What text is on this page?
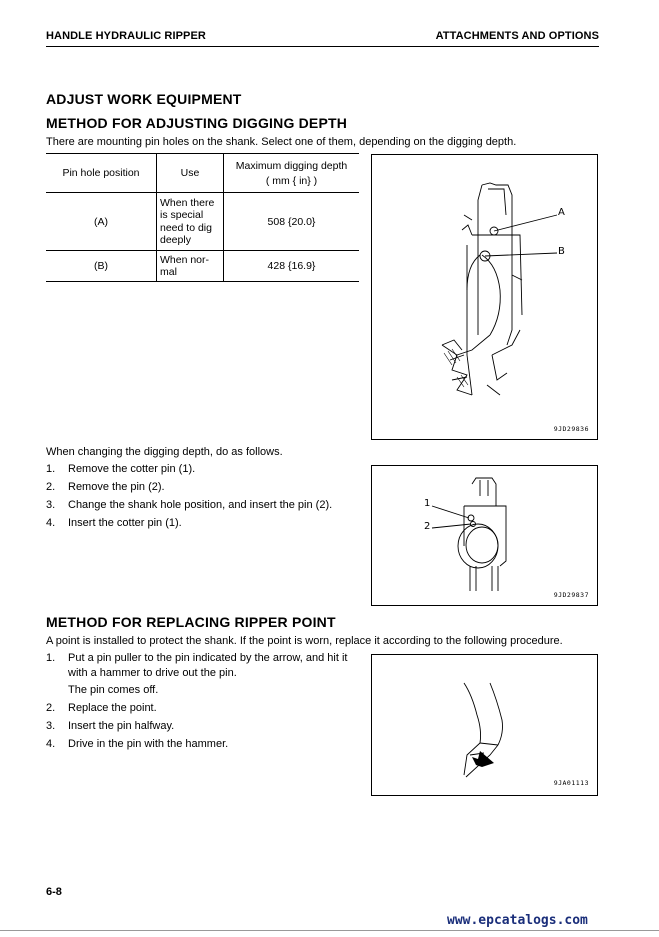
HANDLE HYDRAULIC RIPPER	ATTACHMENTS AND OPTIONS
ADJUST WORK EQUIPMENT
METHOD FOR ADJUSTING DIGGING DEPTH
There are mounting pin holes on the shank. Select one of them, depending on the digging depth.
Pin hole position	Use	Maximum digging depth
( mm { in} )

(A)	When there is special need to dig deeply	508 {20.0}
(B)	When nor-mal	428 {16.9}
A
B
9JD29836
When changing the digging depth, do as follows.
1. Remove the cotter pin (1).
2. Remove the pin (2).
3. Change the shank hole position, and insert the pin (2).
4. Insert the cotter pin (1).
1
2
9JD29837
METHOD FOR REPLACING RIPPER POINT
A point is installed to protect the shank. If the point is worn, replace it according to the following procedure.
1. Put a pin puller to the pin indicated by the arrow, and hit it with a hammer to drive out the pin.
The pin comes off.
2. Replace the point.
3. Insert the pin halfway.
4. Drive in the pin with the hammer.
9JA01113
6-8
www.epcatalogs.com
